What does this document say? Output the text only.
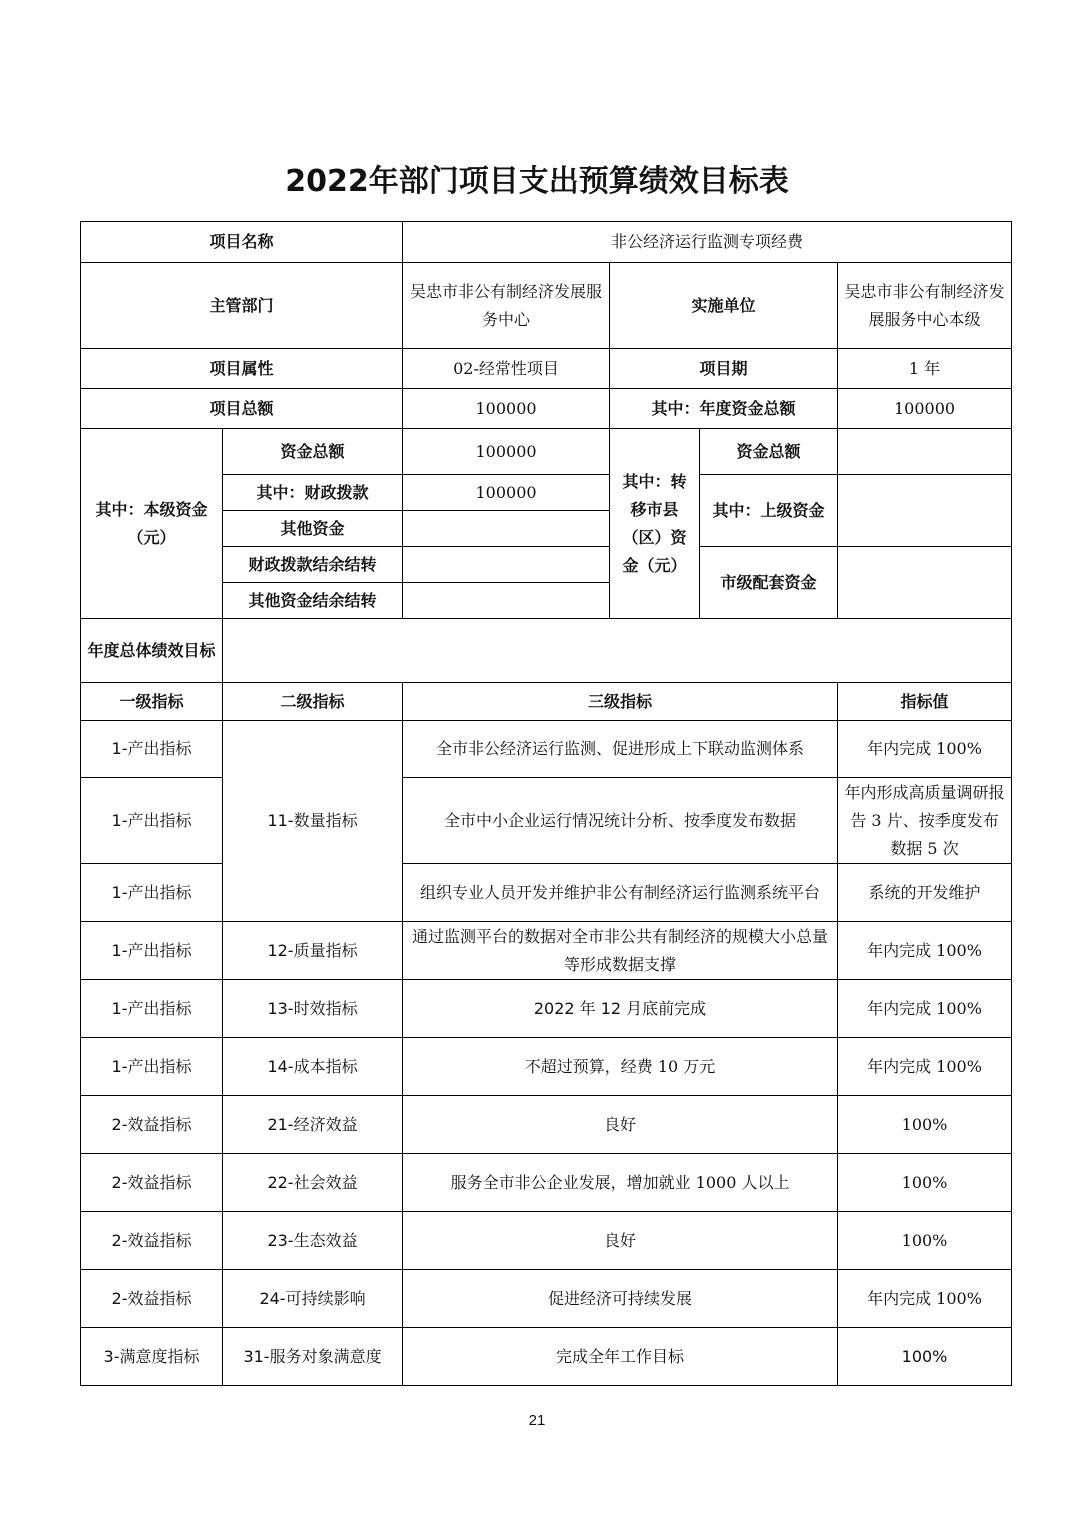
2022年部门项目支出预算绩效目标表
项目名称		非公经济运行监测专项经费			
主管部门		吴忠市非公有制经济发展服务中心	实施单位		吴忠市非公有制经济发展服务中心本级
项目属性		02-经常性项目	项目期		1 年
项目总额		100000	其中：年度资金总额		100000
其中：本级资金（元）	资金总额	100000	其中：转移市县（区）资金（元）	资金总额	
	其中：财政拨款	100000		其中：上级资金	
	其他资金				
	财政拨款结余结转			市级配套资金	
	其他资金结余结转				
年度总体绩效目标					
一级指标	二级指标	三级指标			指标值
1-产出指标	11-数量指标	全市非公经济运行监测、促进形成上下联动监测体系			年内完成 100%
1-产出指标		全市中小企业运行情况统计分析、按季度发布数据			年内形成高质量调研报告 3 片、按季度发布数据 5 次
1-产出指标		组织专业人员开发并维护非公有制经济运行监测系统平台			系统的开发维护
1-产出指标	12-质量指标	通过监测平台的数据对全市非公共有制经济的规模大小总量等形成数据支撑			年内完成 100%
1-产出指标	13-时效指标	2022 年 12 月底前完成			年内完成 100%
1-产出指标	14-成本指标	不超过预算，经费 10 万元			年内完成 100%
2-效益指标	21-经济效益	良好			100%
2-效益指标	22-社会效益	服务全市非公企业发展，增加就业 1000 人以上			100%
2-效益指标	23-生态效益	良好			100%
2-效益指标	24-可持续影响	促进经济可持续发展			年内完成 100%
3-满意度指标	31-服务对象满意度	完成全年工作目标			100%
21
